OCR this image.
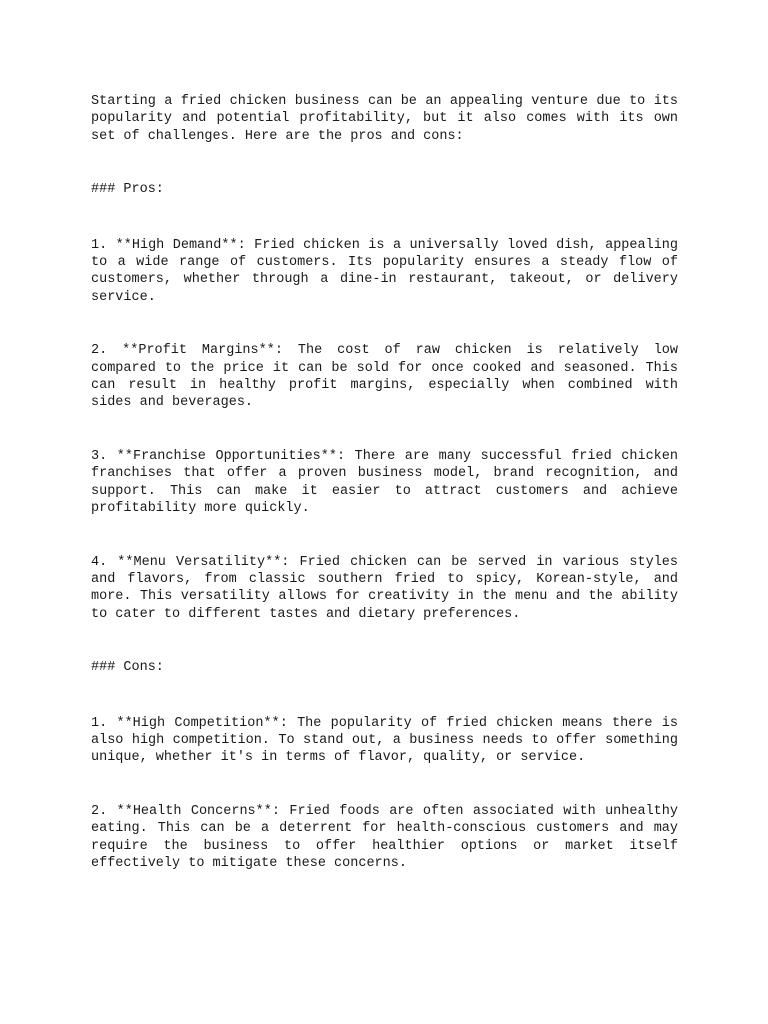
Starting a fried chicken business can be an appealing venture due to its popularity and potential profitability, but it also comes with its own set of challenges. Here are the pros and cons:

### Pros:

1. **High Demand**: Fried chicken is a universally loved dish, appealing to a wide range of customers. Its popularity ensures a steady flow of customers, whether through a dine-in restaurant, takeout, or delivery service.

2. **Profit Margins**: The cost of raw chicken is relatively low compared to the price it can be sold for once cooked and seasoned. This can result in healthy profit margins, especially when combined with sides and beverages.

3. **Franchise Opportunities**: There are many successful fried chicken franchises that offer a proven business model, brand recognition, and support. This can make it easier to attract customers and achieve profitability more quickly.

4. **Menu Versatility**: Fried chicken can be served in various styles and flavors, from classic southern fried to spicy, Korean-style, and more. This versatility allows for creativity in the menu and the ability to cater to different tastes and dietary preferences.

### Cons:

1. **High Competition**: The popularity of fried chicken means there is also high competition. To stand out, a business needs to offer something unique, whether it's in terms of flavor, quality, or service.

2. **Health Concerns**: Fried foods are often associated with unhealthy eating. This can be a deterrent for health-conscious customers and may require the business to offer healthier options or market itself effectively to mitigate these concerns.
